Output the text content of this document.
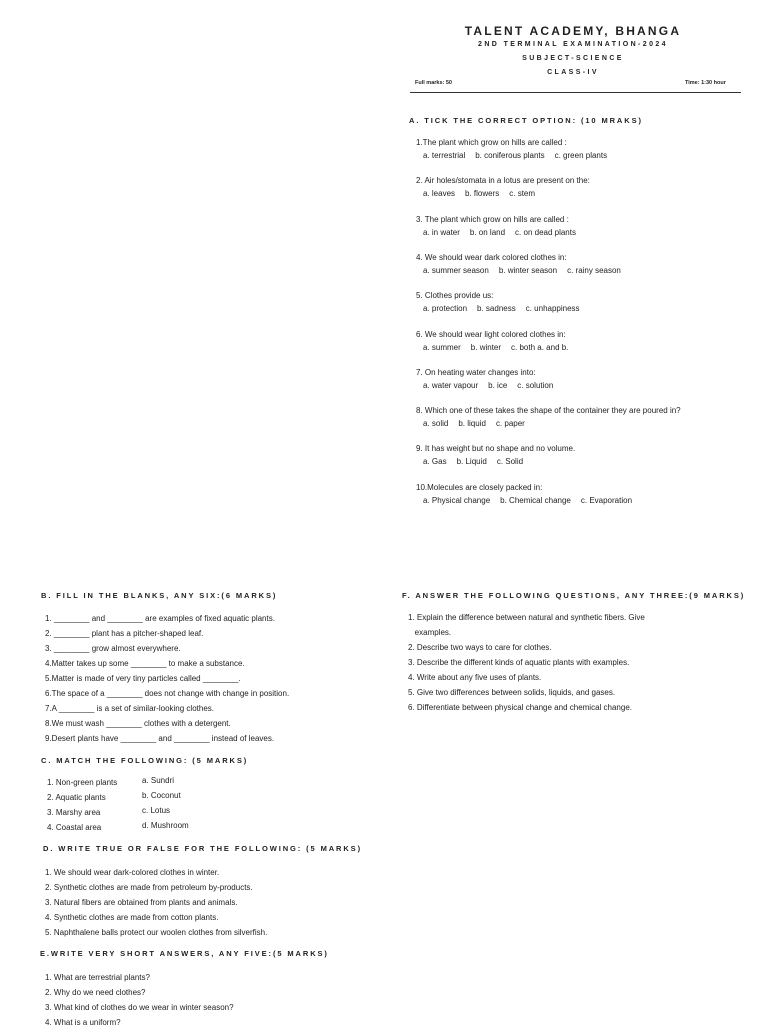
TALENT ACADEMY, BHANGA
2ND TERMINAL EXAMINATION-2024
SUBJECT-SCIENCE
CLASS-IV
Full marks: 50	Time: 1:30 hour
A. TICK THE CORRECT OPTION: (10 MRAKS)
1.The plant which grow on hills are called :
a. terrestrial b. coniferous plants c. green plants
2. Air holes/stomata in a lotus are present on the:
a. leaves b. flowers c. stem
3. The plant which grow on hills are called :
a. in water b. on land c. on dead plants
4. We should wear dark colored clothes in:
a. summer season b. winter season c. rainy season
5. Clothes provide us:
a. protection b. sadness c. unhappiness
6. We should wear light colored clothes in:
a. summer b. winter c. both a. and b.
7. On heating water changes into:
a. water vapour b. ice c. solution
8. Which one of these takes the shape of the container they are poured in?
a. solid b. liquid c. paper
9. It has weight but no shape and no volume.
a. Gas b. Liquid c. Solid
10.Molecules are closely packed in:
a. Physical change b. Chemical change c. Evaporation
B. FILL IN THE BLANKS, ANY SIX:(6 MARKS)
1. ________ and ________ are examples of fixed aquatic plants.
2. ________ plant has a pitcher-shaped leaf.
3. ________ grow almost everywhere.
4.Matter takes up some ________ to make a substance.
5.Matter is made of very tiny particles called ________.
6.The space of a ________ does not change with change in position.
7.A ________ is a set of similar-looking clothes.
8.We must wash ________ clothes with a detergent.
9.Desert plants have ________ and ________ instead of leaves.
C. MATCH THE FOLLOWING: (5 MARKS)
1. Non-green plants
2. Aquatic plants
3. Marshy area
4. Coastal area
a. Sundri
b. Coconut
c. Lotus
d. Mushroom
D. WRITE TRUE OR FALSE FOR THE FOLLOWING: (5 MARKS)
1. We should wear dark-colored clothes in winter.
2. Synthetic clothes are made from petroleum by-products.
3. Natural fibers are obtained from plants and animals.
4. Synthetic clothes are made from cotton plants.
5. Naphthalene balls protect our woolen clothes from silverfish.
E.WRITE VERY SHORT ANSWERS, ANY FIVE:(5 MARKS)
1. What are terrestrial plants?
2. Why do we need clothes?
3. What kind of clothes do we wear in winter season?
4. What is a uniform?
F. ANSWER THE FOLLOWING QUESTIONS, ANY THREE:(9 MARKS)
1. Explain the difference between natural and synthetic fibers. Give
examples.
2. Describe two ways to care for clothes.
3. Describe the different kinds of aquatic plants with examples.
4. Write about any five uses of plants.
5. Give two differences between solids, liquids, and gases.
6. Differentiate between physical change and chemical change.
